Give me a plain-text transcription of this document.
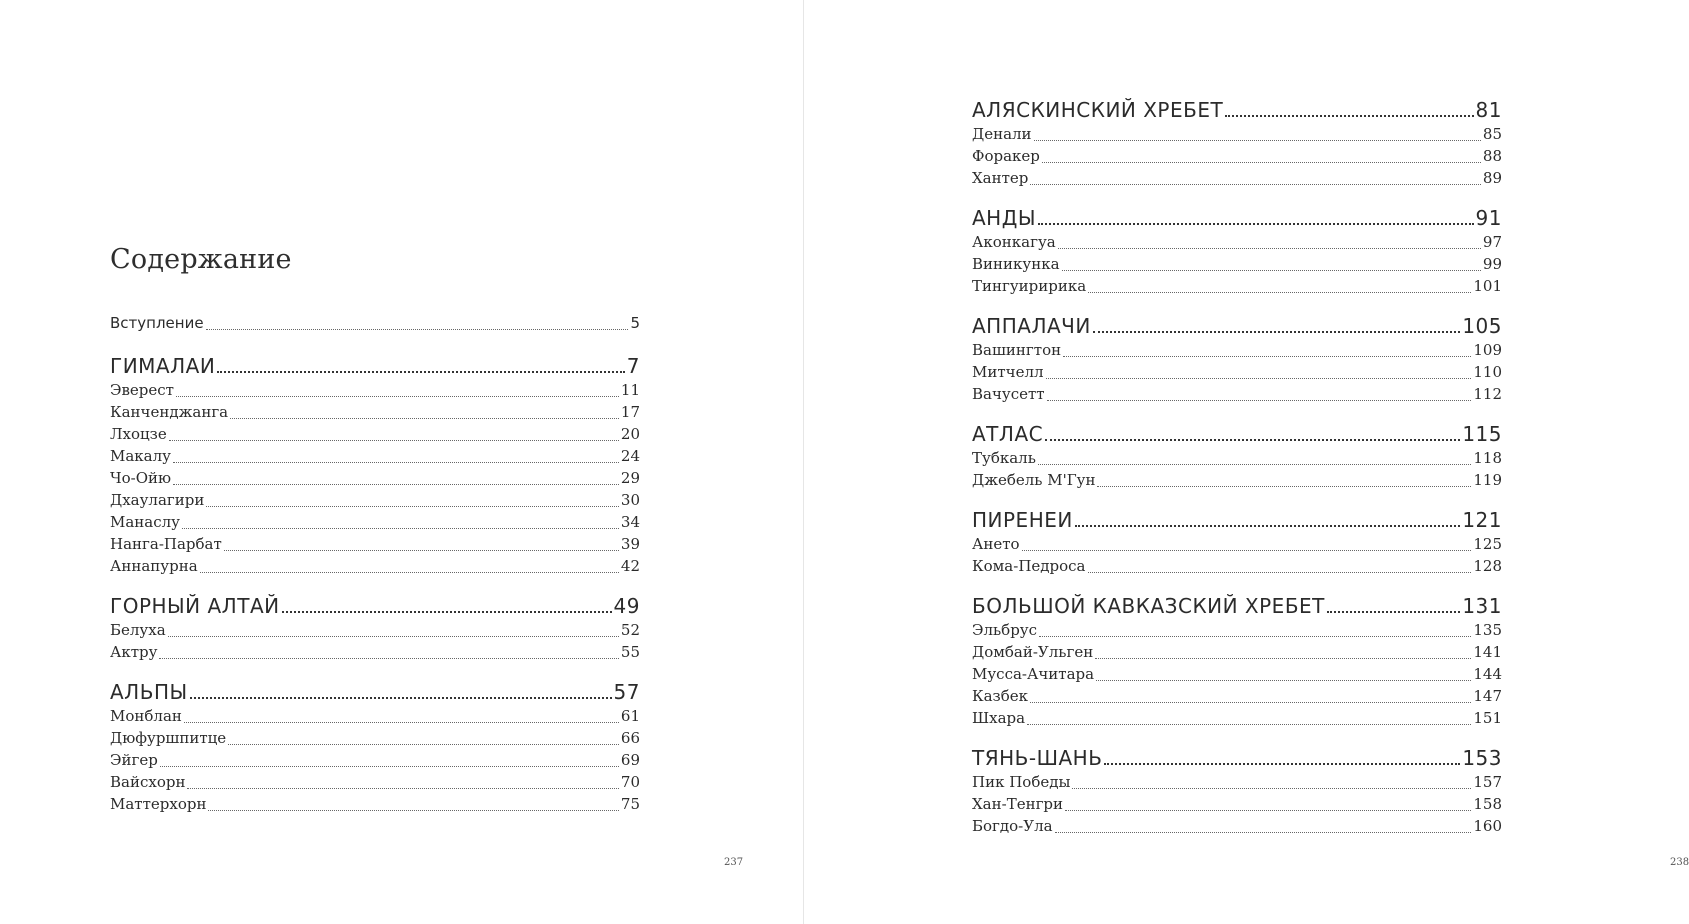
Содержание
Вступление	5
ГИМАЛАИ	7
Эверест	11
Канченджанга	17
Лхоцзе	20
Макалу	24
Чо-Ойю	29
Дхаулагири	30
Манаслу	34
Нанга-Парбат	39
Аннапурна	42
ГОРНЫЙ АЛТАЙ	49
Белуха	52
Актру	55
АЛЬПЫ	57
Монблан	61
Дюфуршпитце	66
Эйгер	69
Вайсхорн	70
Маттерхорн	75
237
АЛЯСКИНСКИЙ ХРЕБЕТ	81
Денали	85
Форакер	88
Хантер	89
АНДЫ	91
Аконкагуа	97
Виникунка	99
Тингуиририка	101
АППАЛАЧИ	105
Вашингтон	109
Митчелл	110
Вачусетт	112
АТЛАС	115
Тубкаль	118
Джебель М'Гун	119
ПИРЕНЕИ	121
Ането	125
Кома-Педроса	128
БОЛЬШОЙ КАВКАЗСКИЙ ХРЕБЕТ	131
Эльбрус	135
Домбай-Ульген	141
Мусса-Ачитара	144
Казбек	147
Шхара	151
ТЯНЬ-ШАНЬ	153
Пик Победы	157
Хан-Тенгри	158
Богдо-Ула	160
238
